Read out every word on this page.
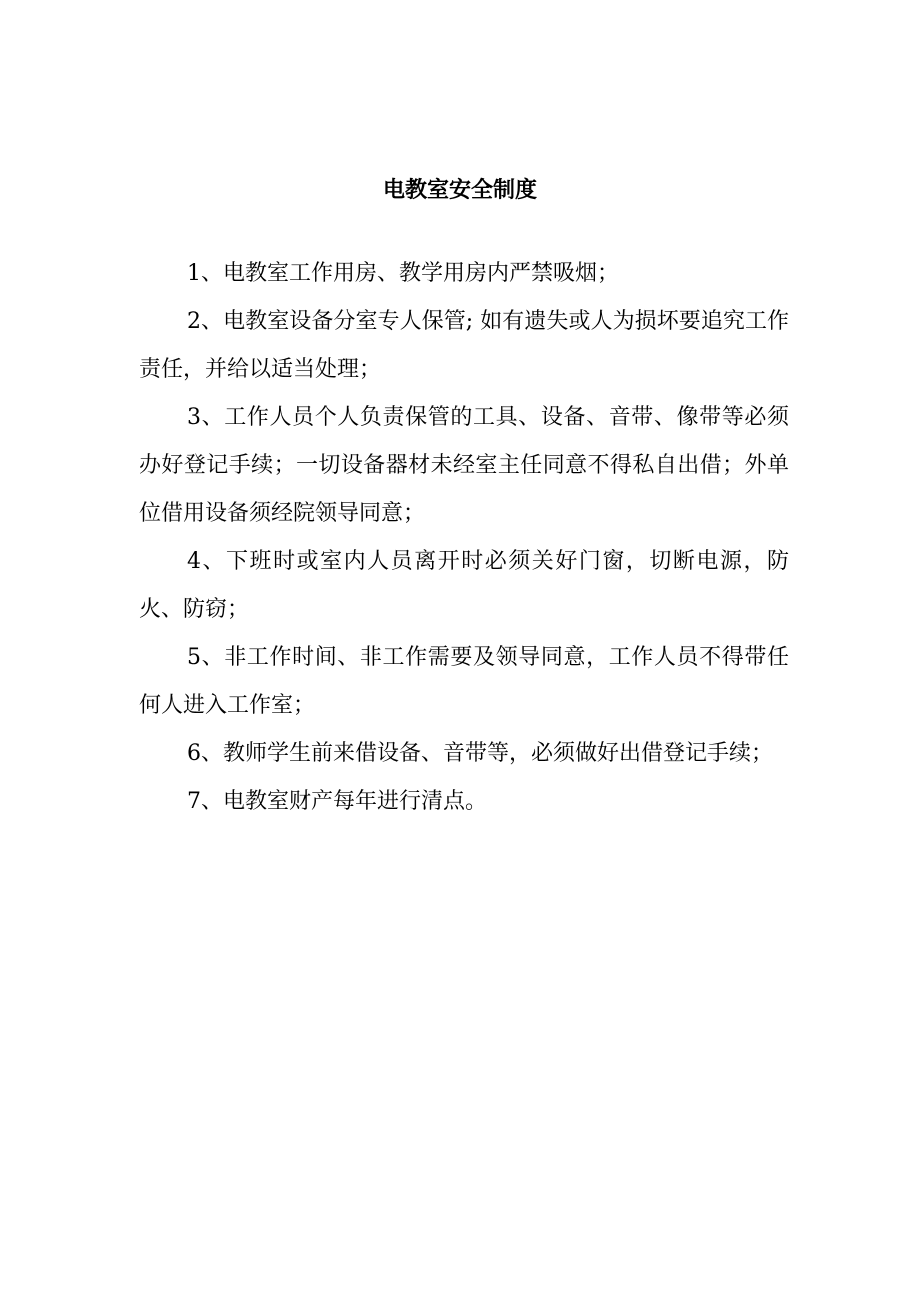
电教室安全制度

1、电教室工作用房、教学用房内严禁吸烟；

2、电教室设备分室专人保管; 如有遗失或人为损坏要追究工作责任，并给以适当处理；

3、工作人员个人负责保管的工具、设备、音带、像带等必须办好登记手续；一切设备器材未经室主任同意不得私自出借；外单位借用设备须经院领导同意；

4、下班时或室内人员离开时必须关好门窗，切断电源，防火、防窃；

5、非工作时间、非工作需要及领导同意，工作人员不得带任何人进入工作室；

6、教师学生前来借设备、音带等，必须做好出借登记手续；

7、电教室财产每年进行清点。
